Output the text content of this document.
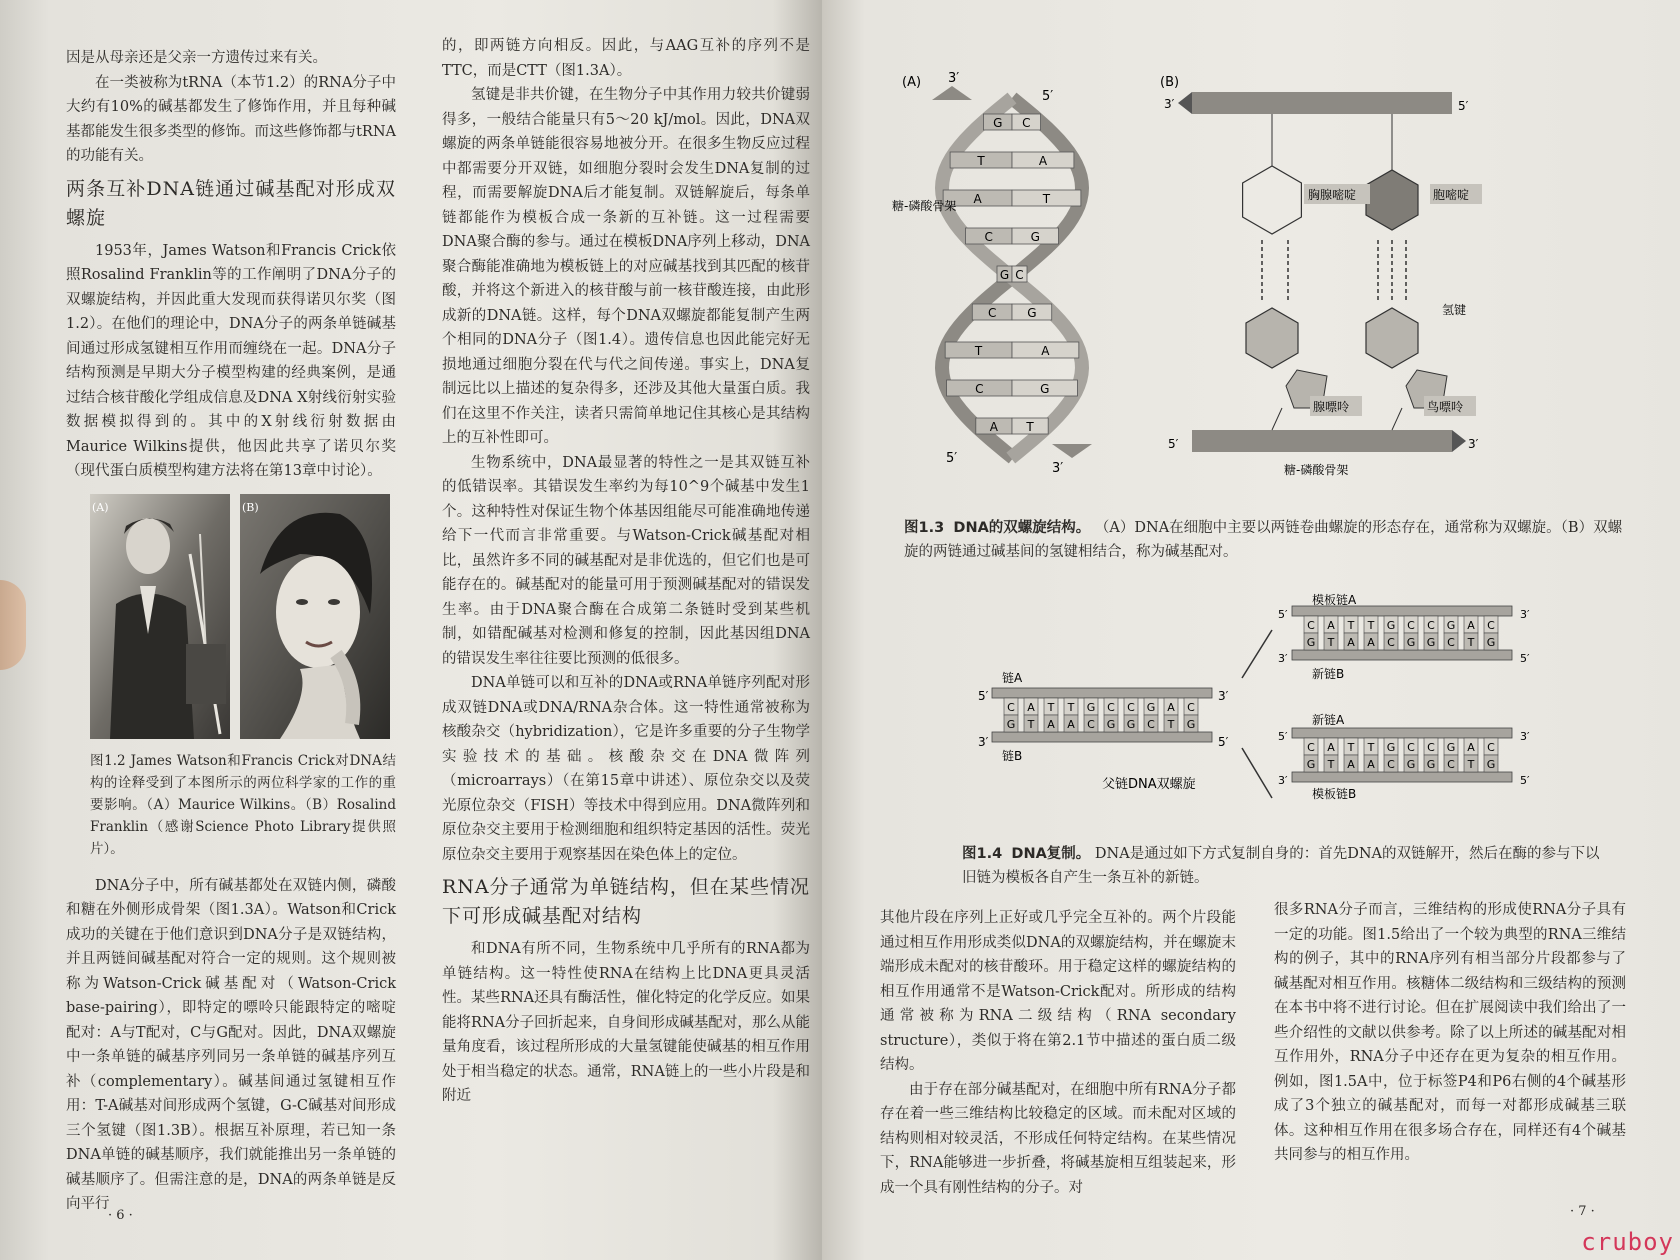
因是从母亲还是父亲一方遗传过来有关。

在一类被称为tRNA（本节1.2）的RNA分子中大约有10%的碱基都发生了修饰作用，并且每种碱基都能发生很多类型的修饰。而这些修饰都与tRNA的功能有关。

两条互补DNA链通过碱基配对形成双螺旋

1953年，James Watson和Francis Crick依照Rosalind Franklin等的工作阐明了DNA分子的双螺旋结构，并因此重大发现而获得诺贝尔奖（图1.2）。在他们的理论中，DNA分子的两条单链碱基间通过形成氢键相互作用而缠绕在一起。DNA分子结构预测是早期大分子模型构建的经典案例，是通过结合核苷酸化学组成信息及DNA X射线衍射实验数据模拟得到的。其中的X射线衍射数据由Maurice Wilkins提供，他因此共享了诺贝尔奖（现代蛋白质模型构建方法将在第13章中讨论）。

(A)	(B)

图1.2 James Watson和Francis Crick对DNA结构的诠释受到了本图所示的两位科学家的工作的重要影响。（A）Maurice Wilkins。（B）Rosalind Franklin（感谢Science Photo Library提供照片）。

DNA分子中，所有碱基都处在双链内侧，磷酸和糖在外侧形成骨架（图1.3A）。Watson和Crick成功的关键在于他们意识到DNA分子是双链结构，并且两链间碱基配对符合一定的规则。这个规则被称为Watson-Crick碱基配对（Watson-Crick base-pairing），即特定的嘌呤只能跟特定的嘧啶配对：A与T配对，C与G配对。因此，DNA双螺旋中一条单链的碱基序列同另一条单链的碱基序列互补（complementary）。碱基间通过氢键相互作用：T-A碱基对间形成两个氢键，G-C碱基对间形成三个氢键（图1.3B）。根据互补原理，若已知一条DNA单链的碱基顺序，我们就能推出另一条单链的碱基顺序了。但需注意的是，DNA的两条单链是反向平行

· 6 ·

的，即两链方向相反。因此，与AAG互补的序列不是TTC，而是CTT（图1.3A）。

氢键是非共价键，在生物分子中其作用力较共价键弱得多，一般结合能量只有5～20 kJ/mol。因此，DNA双螺旋的两条单链能很容易地被分开。在很多生物反应过程中都需要分开双链，如细胞分裂时会发生DNA复制的过程，而需要解旋DNA后才能复制。双链解旋后，每条单链都能作为模板合成一条新的互补链。这一过程需要DNA聚合酶的参与。通过在模板DNA序列上移动，DNA聚合酶能准确地为模板链上的对应碱基找到其匹配的核苷酸，并将这个新进入的核苷酸与前一核苷酸连接，由此形成新的DNA链。这样，每个DNA双螺旋都能复制产生两个相同的DNA分子（图1.4）。遗传信息也因此能完好无损地通过细胞分裂在代与代之间传递。事实上，DNA复制远比以上描述的复杂得多，还涉及其他大量蛋白质。我们在这里不作关注，读者只需简单地记住其核心是其结构上的互补性即可。

生物系统中，DNA最显著的特性之一是其双链互补的低错误率。其错误发生率约为每10^9个碱基中发生1个。这种特性对保证生物个体基因组能尽可能准确地传递给下一代而言非常重要。与Watson-Crick碱基配对相比，虽然许多不同的碱基配对是非优选的，但它们也是可能存在的。碱基配对的能量可用于预测碱基配对的错误发生率。由于DNA聚合酶在合成第二条链时受到某些机制，如错配碱基对检测和修复的控制，因此基因组DNA的错误发生率往往要比预测的低很多。

DNA单链可以和互补的DNA或RNA单链序列配对形成双链DNA或DNA/RNA杂合体。这一特性通常被称为核酸杂交（hybridization），它是许多重要的分子生物学实验技术的基础。核酸杂交在DNA微阵列（microarrays）（在第15章中讲述）、原位杂交以及荧光原位杂交（FISH）等技术中得到应用。DNA微阵列和原位杂交主要用于检测细胞和组织特定基因的活性。荧光原位杂交主要用于观察基因在染色体上的定位。

RNA分子通常为单链结构，但在某些情况下可形成碱基配对结构

和DNA有所不同，生物系统中几乎所有的RNA都为单链结构。这一特性使RNA在结构上比DNA更具灵活性。某些RNA还具有酶活性，催化特定的化学反应。如果能将RNA分子回折起来，自身间形成碱基配对，那么从能量角度看，该过程所形成的大量氢键能使碱基的相互作用处于相当稳定的状态。通常，RNA链上的一些小片段是和附近

(A) 3′
5′
5′
3′
G C
T	A
A	T
C	G
G C
C	G
T	A
C	G
A T
糖-磷酸骨架
(B)
3′	5′
5′	3′
胸腺嘧啶	胞嘧啶
腺嘌呤	鸟嘌呤
氢键
糖-磷酸骨架
图1.3 DNA的双螺旋结构。 （A）DNA在细胞中主要以两链卷曲螺旋的形态存在，通常称为双螺旋。（B）双螺旋的两链通过碱基间的氢键相结合，称为碱基配对。
C
G
A
T
T
A
T
A
G
C
C
G
C
G
G
C
A
T
C
G
5′	3′
3′	5′
链A
链B
父链DNA双螺旋
C
G
A
T
T
A
T
A
G
C
C
G
C
G
G
C
A
T
C
G
C
G
A
T
T
A
T
A
G
C
C
G
C
G
G
C
A
T
C
G
模板链A
新链B
新链A
模板链B
5′	3′
3′	5′
5′	3′
3′	5′
图1.4 DNA复制。 DNA是通过如下方式复制自身的：首先DNA的双链解开，然后在酶的参与下以旧链为模板各自产生一条互补的新链。

其他片段在序列上正好或几乎完全互补的。两个片段能通过相互作用形成类似DNA的双螺旋结构，并在螺旋末端形成未配对的核苷酸环。用于稳定这样的螺旋结构的相互作用通常不是Watson-Crick配对。所形成的结构通常被称为RNA二级结构（RNA secondary structure），类似于将在第2.1节中描述的蛋白质二级结构。

由于存在部分碱基配对，在细胞中所有RNA分子都存在着一些三维结构比较稳定的区域。而未配对区域的结构则相对较灵活，不形成任何特定结构。在某些情况下，RNA能够进一步折叠，将碱基旋相互组装起来，形成一个具有刚性结构的分子。对

很多RNA分子而言，三维结构的形成使RNA分子具有一定的功能。图1.5给出了一个较为典型的RNA三维结构的例子，其中的RNA序列有相当部分片段都参与了碱基配对相互作用。核糖体二级结构和三级结构的预测在本书中将不进行讨论。但在扩展阅读中我们给出了一些介绍性的文献以供参考。除了以上所述的碱基配对相互作用外，RNA分子中还存在更为复杂的相互作用。例如，图1.5A中，位于标签P4和P6右侧的4个碱基形成了3个独立的碱基配对，而每一对都形成碱基三联体。这种相互作用在很多场合存在，同样还有4个碱基共同参与的相互作用。

· 7 ·
cruboy
